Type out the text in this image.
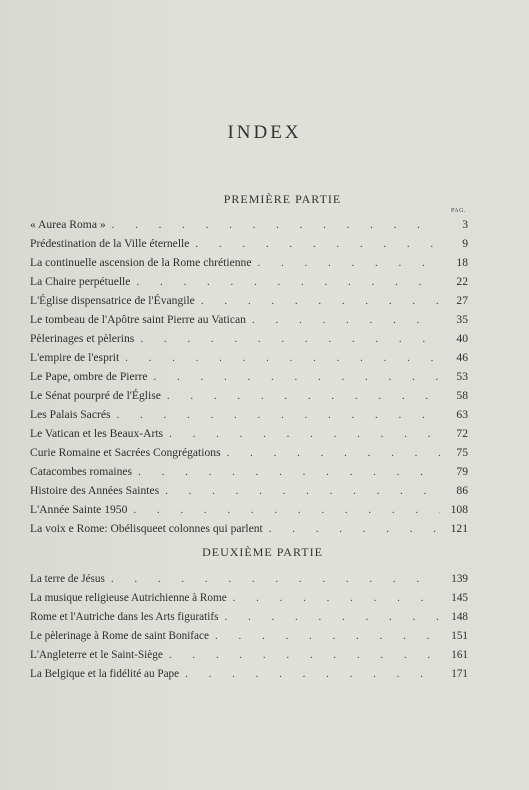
INDEX
PREMIÈRE PARTIE
PAG.
« Aurea Roma » . . .	3
Prédestination de la Ville éternelle . . .	9
La continuelle ascension de la Rome chrétienne . . .	18
La Chaire perpétuelle . . .	22
L'Église dispensatrice de l'Évangile . . .	27
Le tombeau de l'Apôtre saint Pierre au Vatican . . .	35
Pèlerinages et pèlerins . . .	40
L'empire de l'esprit . . .	46
Le Pape, ombre de Pierre . . .	53
Le Sénat pourpré de l'Église . . .	58
Les Palais Sacrés . . .	63
Le Vatican et les Beaux-Arts . . .	72
Curie Romaine et Sacrées Congrégations . . .	75
Catacombes romaines . . .	79
Histoire des Années Saintes . . .	86
L'Année Sainte 1950 . . .	108
La voix e Rome: Obélisqueet colonnes qui parlent . . .	121
DEUXIÈME PARTIE
La terre de Jésus . . .	139
La musique religieuse Autrichienne à Rome . . .	145
Rome et l'Autriche dans les Arts figuratifs . . .	148
Le pèlerinage à Rome de saint Boniface . . .	151
L'Angleterre et le Saint-Siège . . .	161
La Belgique et la fidélité au Pape . . .	171
